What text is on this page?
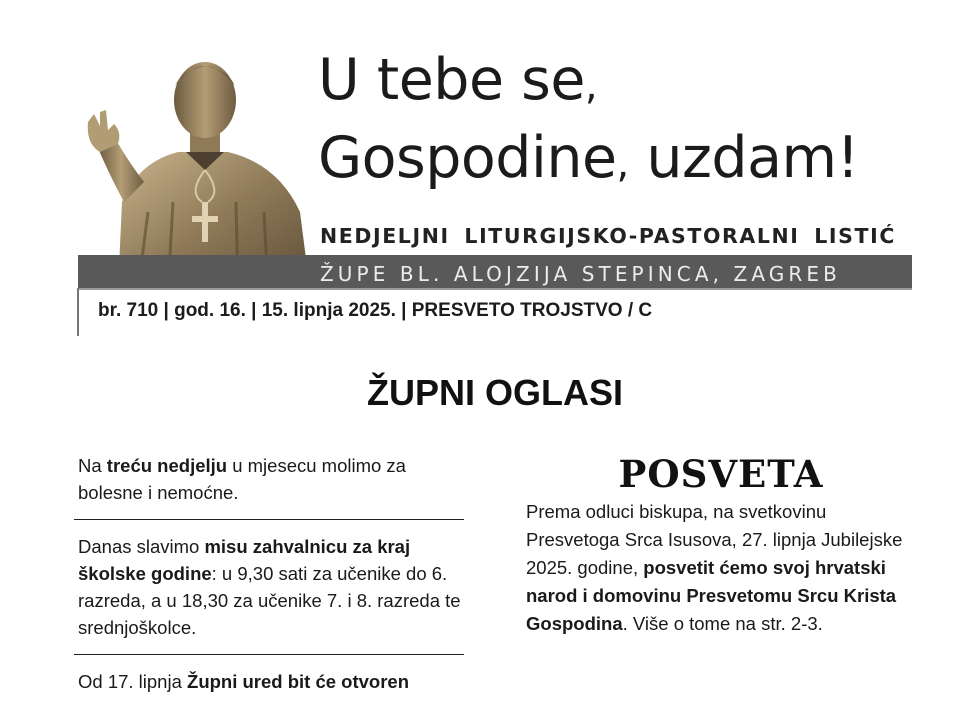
U tebe se,
Gospodine, uzdam!
NEDJELJNI LITURGIJSKO-PASTORALNI LISTIĆ
ŽUPE BL. ALOJZIJA STEPINCA, ZAGREB
br. 710 | god. 16. | 15. lipnja 2025. | PRESVETO TROJSTVO / C
ŽUPNI OGLASI
Na treću nedjelju u mjesecu molimo za bolesne i nemoćne.
Danas slavimo misu zahvalnicu za kraj školske godine: u 9,30 sati za učenike do 6. razreda, a u 18,30 za učenike 7. i 8. razreda te srednjoškolce.
Od 17. lipnja Župni ured bit će otvoren
POSVETA
Prema odluci biskupa, na svetkovinu Presvetoga Srca Isusova, 27. lipnja Jubilejske 2025. godine, posvetit ćemo svoj hrvatski narod i domovinu Presvetomu Srcu Krista Gospodina. Više o tome na str. 2-3.
